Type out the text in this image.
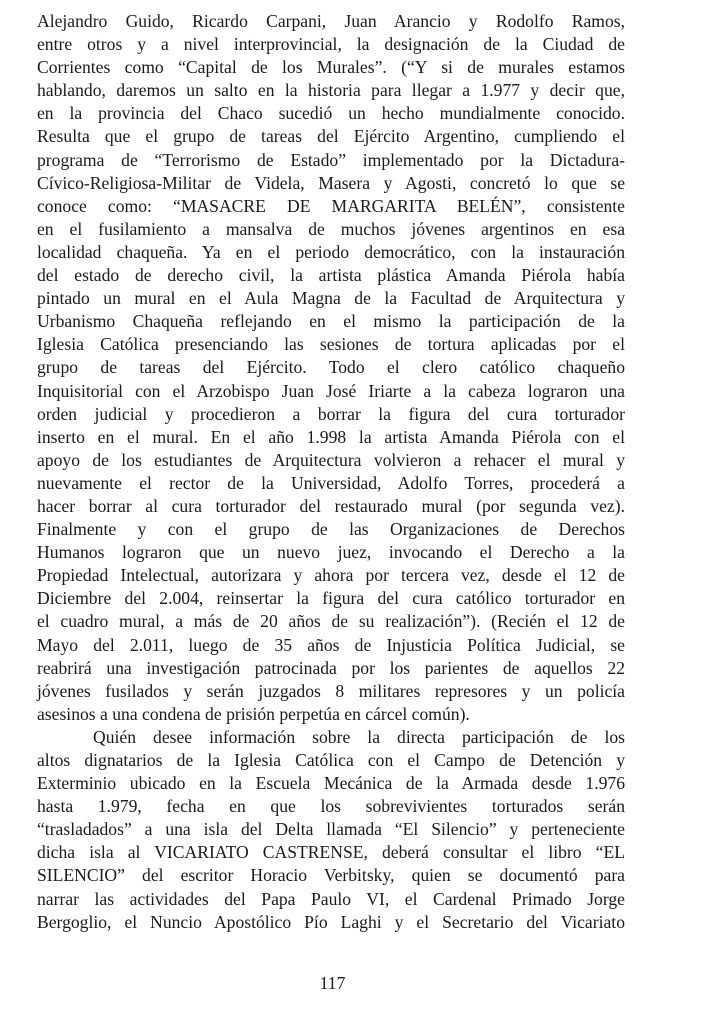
Alejandro Guido, Ricardo Carpani, Juan Arancio y Rodolfo Ramos,

entre otros y a nivel interprovincial, la designación de la Ciudad de

Corrientes como “Capital de los Murales”. (“Y si de murales estamos

hablando, daremos un salto en la historia para llegar a 1.977 y decir que,

en la provincia del Chaco sucedió un hecho mundialmente conocido.

Resulta que el grupo de tareas del Ejército Argentino, cumpliendo el

programa de “Terrorismo de Estado” implementado por la Dictadura-

Cívico-Religiosa-Militar de Videla, Masera y Agosti, concretó lo que se

conoce como: “MASACRE DE MARGARITA BELÉN”, consistente

en el fusilamiento a mansalva de muchos jóvenes argentinos en esa

localidad chaqueña. Ya en el periodo democrático, con la instauración

del estado de derecho civil, la artista plástica Amanda Piérola había

pintado un mural en el Aula Magna de la Facultad de Arquitectura y

Urbanismo Chaqueña reflejando en el mismo la participación de la

Iglesia Católica presenciando las sesiones de tortura aplicadas por el

grupo de tareas del Ejército. Todo el clero católico chaqueño

Inquisitorial con el Arzobispo Juan José Iriarte a la cabeza lograron una

orden judicial y procedieron a borrar la figura del cura torturador

inserto en el mural. En el año 1.998 la artista Amanda Piérola con el

apoyo de los estudiantes de Arquitectura volvieron a rehacer el mural y

nuevamente el rector de la Universidad, Adolfo Torres, procederá a

hacer borrar al cura torturador del restaurado mural (por segunda vez).

Finalmente y con el grupo de las Organizaciones de Derechos

Humanos lograron que un nuevo juez, invocando el Derecho a la

Propiedad Intelectual, autorizara y ahora por tercera vez, desde el 12 de

Diciembre del 2.004, reinsertar la figura del cura católico torturador en

el cuadro mural, a más de 20 años de su realización”). (Recién el 12 de

Mayo del 2.011, luego de 35 años de Injusticia Política Judicial, se

reabrirá una investigación patrocinada por los parientes de aquellos 22

jóvenes fusilados y serán juzgados 8 militares represores y un policía

asesinos a una condena de prisión perpetúa en cárcel común).

Quién desee información sobre la directa participación de los

altos dignatarios de la Iglesia Católica con el Campo de Detención y

Exterminio ubicado en la Escuela Mecánica de la Armada desde 1.976

hasta 1.979, fecha en que los sobrevivientes torturados serán

“trasladados” a una isla del Delta llamada “El Silencio” y perteneciente

dicha isla al VICARIATO CASTRENSE, deberá consultar el libro “EL

SILENCIO” del escritor Horacio Verbitsky, quien se documentó para

narrar las actividades del Papa Paulo VI, el Cardenal Primado Jorge

Bergoglio, el Nuncio Apostólico Pío Laghi y el Secretario del Vicariato

117
